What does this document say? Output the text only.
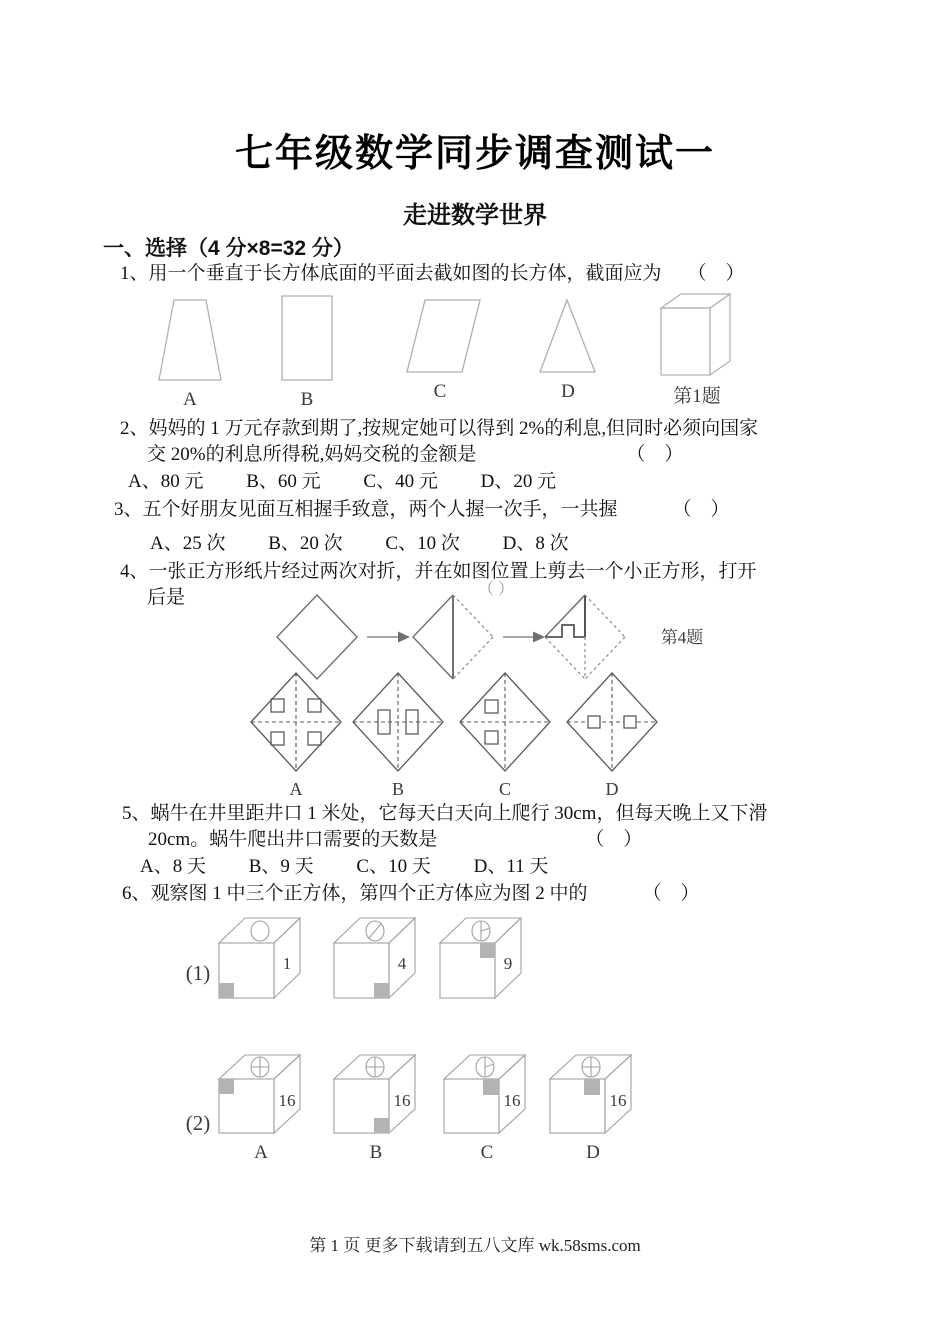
七年级数学同步调查测试一
走进数学世界
一、选择（4 分×8=32 分）
1、用一个垂直于长方体底面的平面去截如图的长方体，截面应为 （　）
A	B	C	D	第1题
2、妈妈的 1 万元存款到期了,按规定她可以得到 2%的利息,但同时必须向国家
交 20%的利息所得税,妈妈交税的金额是	（　）
A、80 元 B、60 元 C、40 元 D、20 元
3、五个好朋友见面互相握手致意，两个人握一次手，一共握	（　）
A、25 次 B、20 次 C、10 次 D、8 次
4、一张正方形纸片经过两次对折，并在如图位置上剪去一个小正方形，打开
后是	（ ）
第4题
A	B	C	D
5、蜗牛在井里距井口 1 米处，它每天白天向上爬行 30cm，但每天晚上又下滑
20cm。蜗牛爬出井口需要的天数是	（　）
A、8 天 B、9 天 C、10 天 D、11 天
6、观察图 1 中三个正方体，第四个正方体应为图 2 中的	（　）
(1)	1	4	9
(2)
16
A
16
B
16
C
16
D
第 1 页 更多下载请到五八文库 wk.58sms.com
